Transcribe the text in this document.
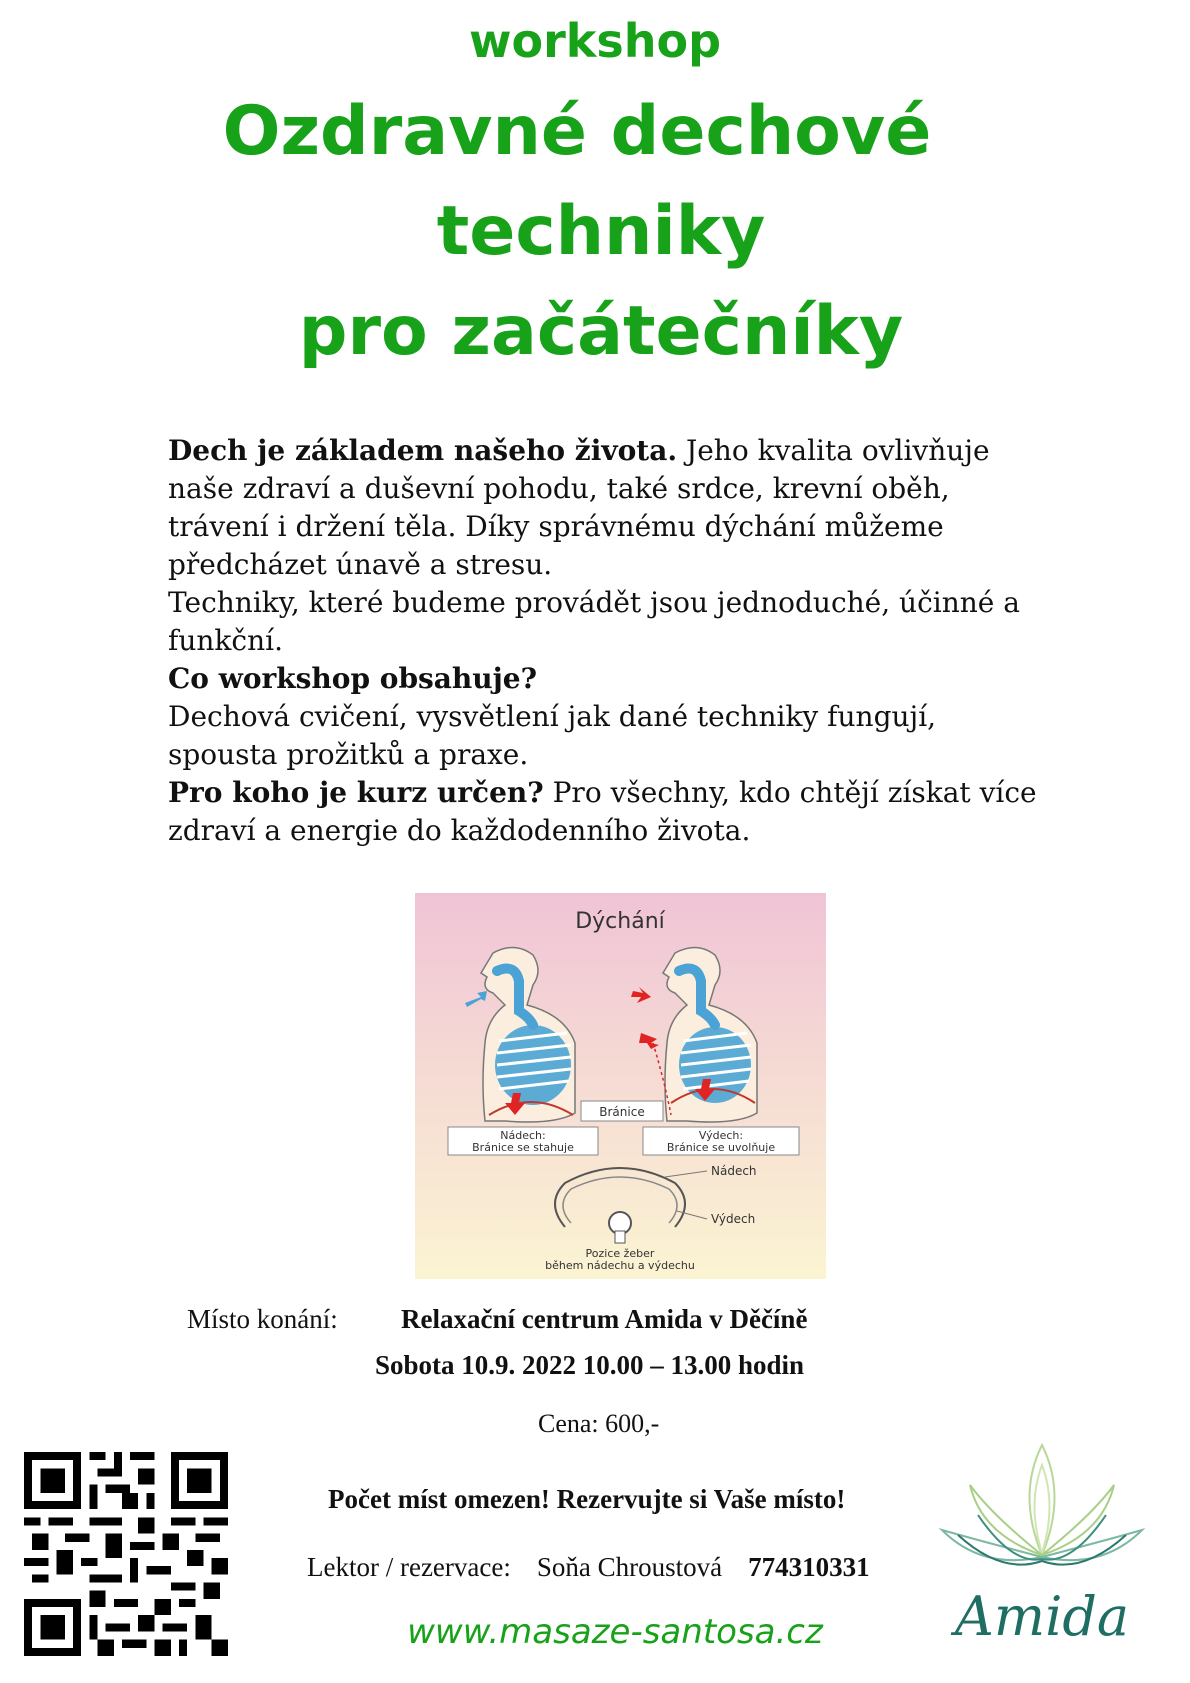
workshop
Ozdravné dechové
techniky
pro začátečníky

Dech je základem našeho života. Jeho kvalita ovlivňuje naše zdraví a duševní pohodu, také srdce, krevní oběh, trávení i držení těla. Díky správnému dýchání můžeme předcházet únavě a stresu.

Techniky, které budeme provádět jsou jednoduché, účinné a funkční.

Co workshop obsahuje?

Dechová cvičení, vysvětlení jak dané techniky fungují, spousta prožitků a praxe.

Pro koho je kurz určen? Pro všechny, kdo chtějí získat více zdraví a energie do každodenního života.

Dýchání
Bránice
Nádech:
Bránice se stahuje
Výdech:
Bránice se uvolňuje
Nádech
Výdech
Pozice žeber
během nádechu a výdechu
Místo konání: Relaxační centrum Amida v Děčíně
Sobota 10.9. 2022 10.00 – 13.00 hodin
Cena: 600,-
Počet míst omezen! Rezervujte si Vaše místo!
Lektor / rezervace: Soňa Chroustová 774310331
www.masaze-santosa.cz	Amida
